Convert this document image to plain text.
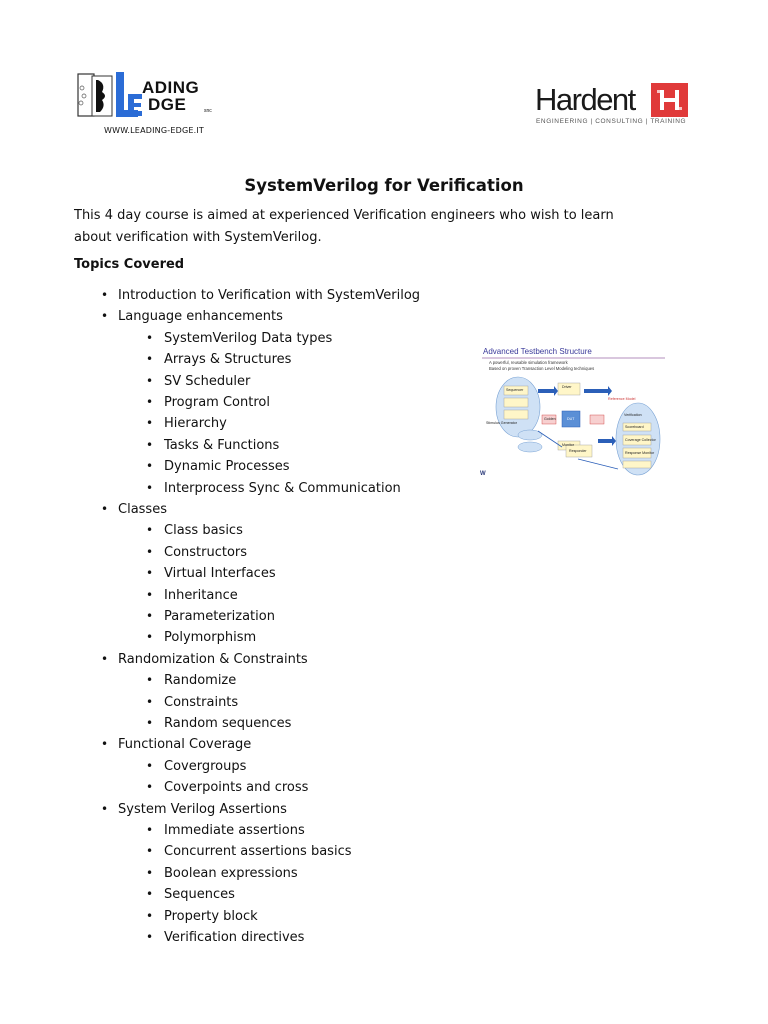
ADING
DGE	snc
WWW.LEADING-EDGE.IT
Hardent
ENGINEERING | CONSULTING | TRAINING
SystemVerilog for Verification
This 4 day course is aimed at experienced Verification engineers who wish to learn about verification with SystemVerilog.
Topics Covered
• Introduction to Verification with SystemVerilog
• Language enhancements
• SystemVerilog Data types
• Arrays & Structures
• SV Scheduler
• Program Control
• Hierarchy
• Tasks & Functions
• Dynamic Processes
• Interprocess Sync & Communication
• Classes
• Class basics
• Constructors
• Virtual Interfaces
• Inheritance
• Parameterization
• Polymorphism
• Randomization & Constraints
• Randomize
• Constraints
• Random sequences
• Functional Coverage
• Covergroups
• Coverpoints and cross
• System Verilog Assertions
• Immediate assertions
• Concurrent assertions basics
• Boolean expressions
• Sequences
• Property block
• Verification directives
W
Driver
DUT
Monitor
Responder
Stimulus Generator
Verification
Scoreboard
Coverage Collector
Response Monitor
Reference Model
Golden
Sequencer
Advanced Testbench Structure
A powerful, reusable simulation framework
Based on proven Transaction Level Modeling techniques
